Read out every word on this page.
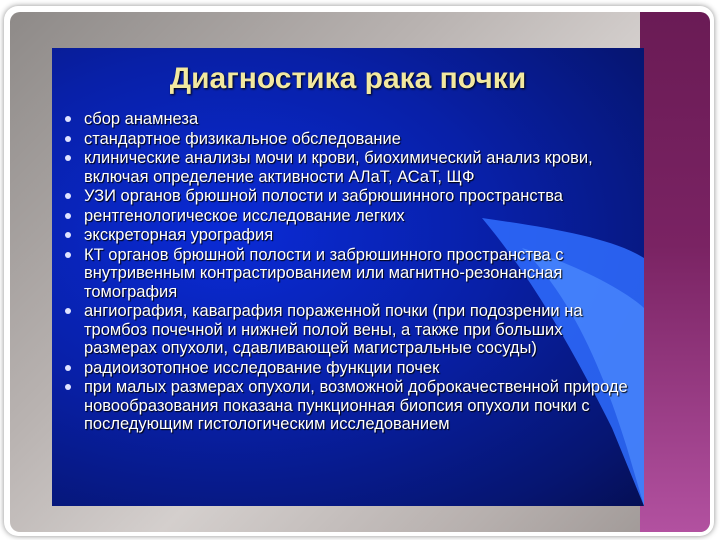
Диагностика рака почки
сбор анамнеза
стандартное физикальное обследование
клинические анализы мочи и крови, биохимический анализ крови, включая определение активности АЛаТ, АСаТ, ЩФ
УЗИ органов брюшной полости и забрюшинного пространства
рентгенологическое исследование легких
экскреторная урография
КТ органов брюшной полости и забрюшинного пространства с внутривенным контрастированием или магнитно-резонансная томография
ангиография, каваграфия пораженной почки (при подозрении на тромбоз почечной и нижней полой вены, а также при больших размерах опухоли, сдавливающей магистральные сосуды)
радиоизотопное исследование функции почек
при малых размерах опухоли, возможной доброкачественной природе новообразования показана пункционная биопсия опухоли почки с последующим гистологическим исследованием
